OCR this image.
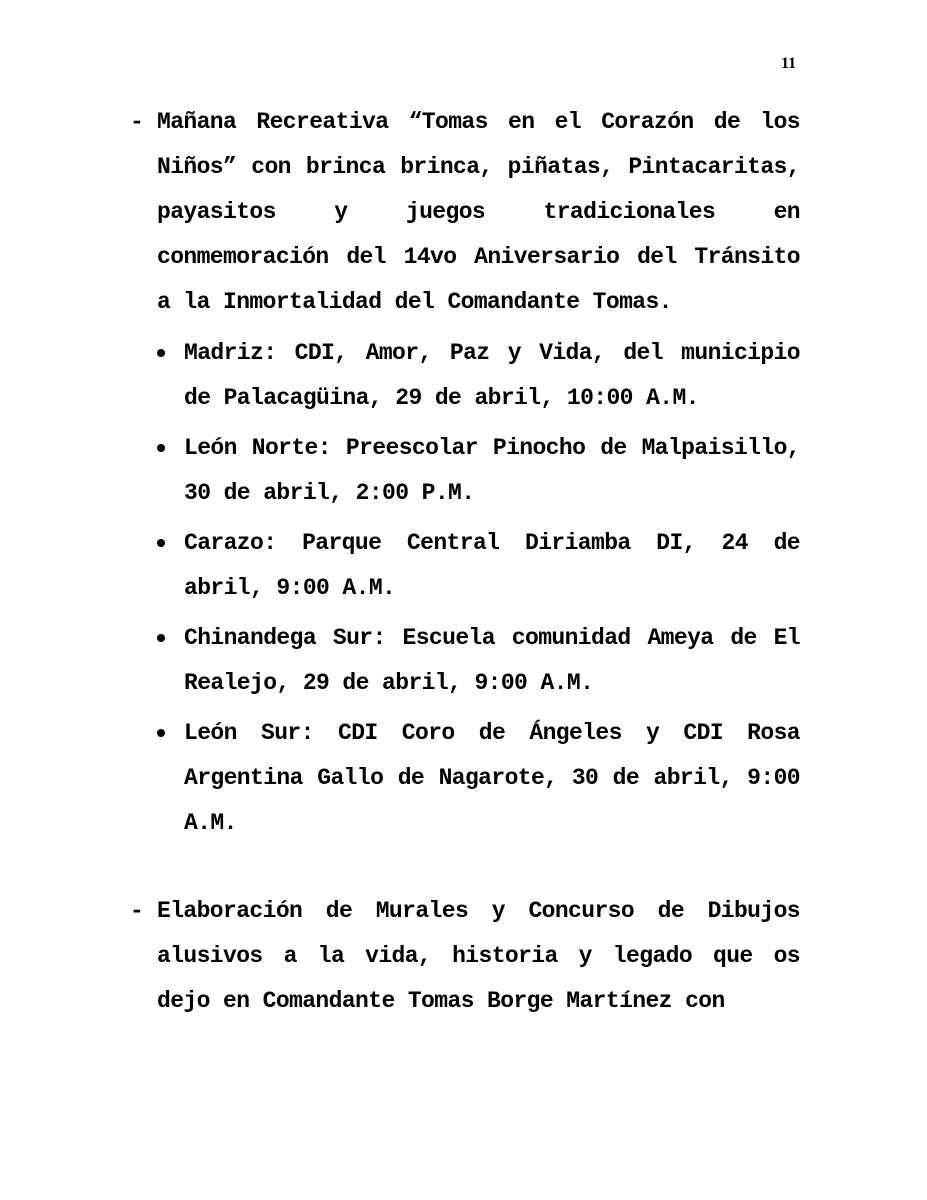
11
- Mañana Recreativa “Tomas en el Corazón de los Niños” con brinca brinca, piñatas, Pintacaritas, payasitos y juegos tradicionales en conmemoración del 14vo Aniversario del Tránsito a la Inmortalidad del Comandante Tomas.
Madriz: CDI, Amor, Paz y Vida, del municipio de Palacagüina, 29 de abril, 10:00 A.M.
León Norte: Preescolar Pinocho de Malpaisillo, 30 de abril, 2:00 P.M.
Carazo: Parque Central Diriamba DI, 24 de abril, 9:00 A.M.
Chinandega Sur: Escuela comunidad Ameya de El Realejo, 29 de abril, 9:00 A.M.
León Sur: CDI Coro de Ángeles y CDI Rosa Argentina Gallo de Nagarote, 30 de abril, 9:00 A.M.
- Elaboración de Murales y Concurso de Dibujos alusivos a la vida, historia y legado que os dejo en Comandante Tomas Borge Martínez con
